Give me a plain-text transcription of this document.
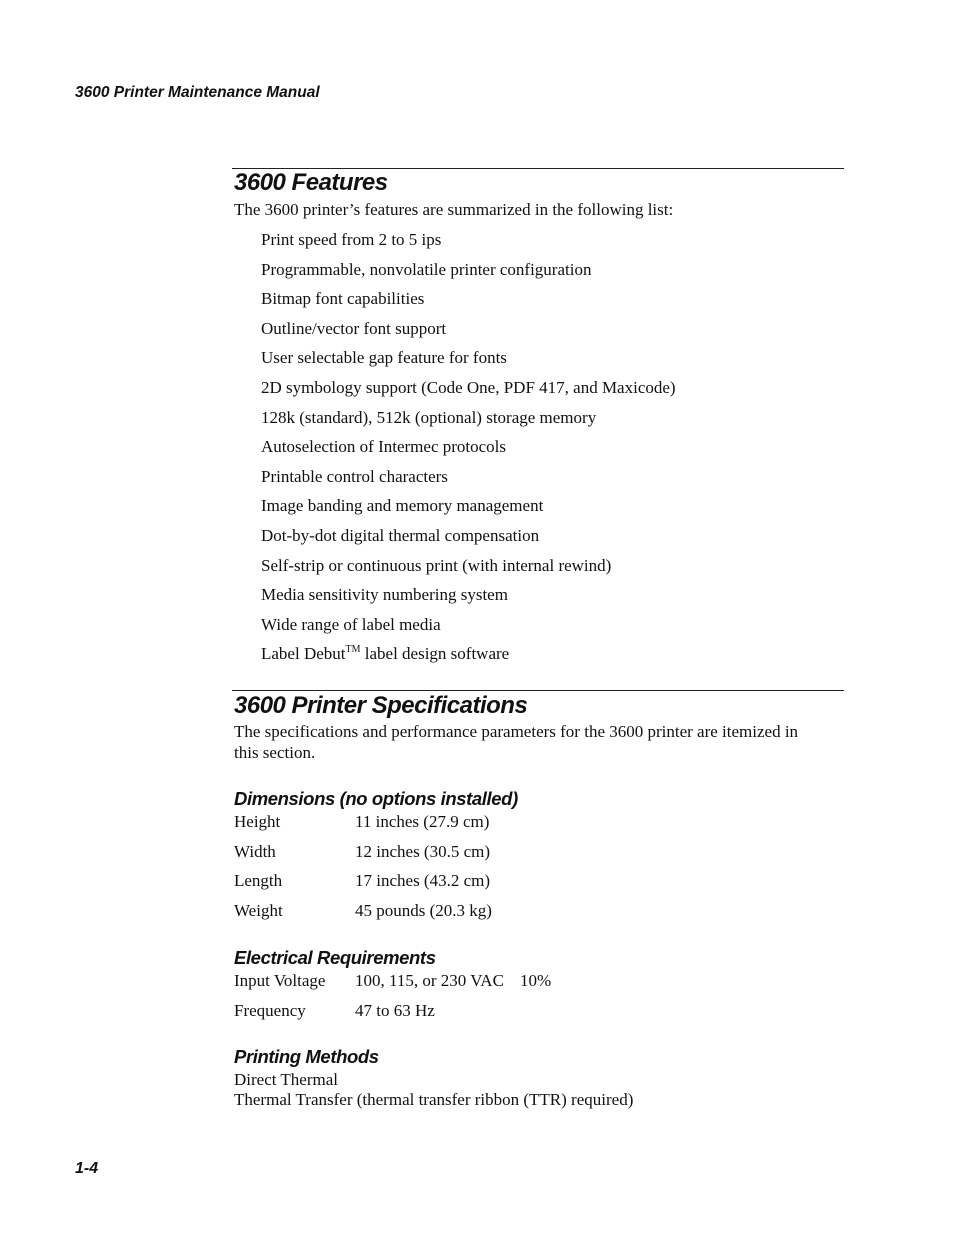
3600 Printer Maintenance Manual
3600 Features
The 3600 printer’s features are summarized in the following list:
Print speed from 2 to 5 ips
Programmable, nonvolatile printer configuration
Bitmap font capabilities
Outline/vector font support
User selectable gap feature for fonts
2D symbology support (Code One, PDF 417, and Maxicode)
128k (standard), 512k (optional) storage memory
Autoselection of Intermec protocols
Printable control characters
Image banding and memory management
Dot-by-dot digital thermal compensation
Self-strip or continuous print (with internal rewind)
Media sensitivity numbering system
Wide range of label media
Label Debut™ label design software
3600 Printer Specifications
The specifications and performance parameters for the 3600 printer are itemized in this section.
Dimensions (no options installed)
Height	11 inches (27.9 cm)
Width	12 inches (30.5 cm)
Length	17 inches (43.2 cm)
Weight	45 pounds (20.3 kg)
Electrical Requirements
Input Voltage 100, 115, or 230 VAC 10%
Frequency	47 to 63 Hz
Printing Methods
Direct Thermal
Thermal Transfer (thermal transfer ribbon (TTR) required)
1-4
